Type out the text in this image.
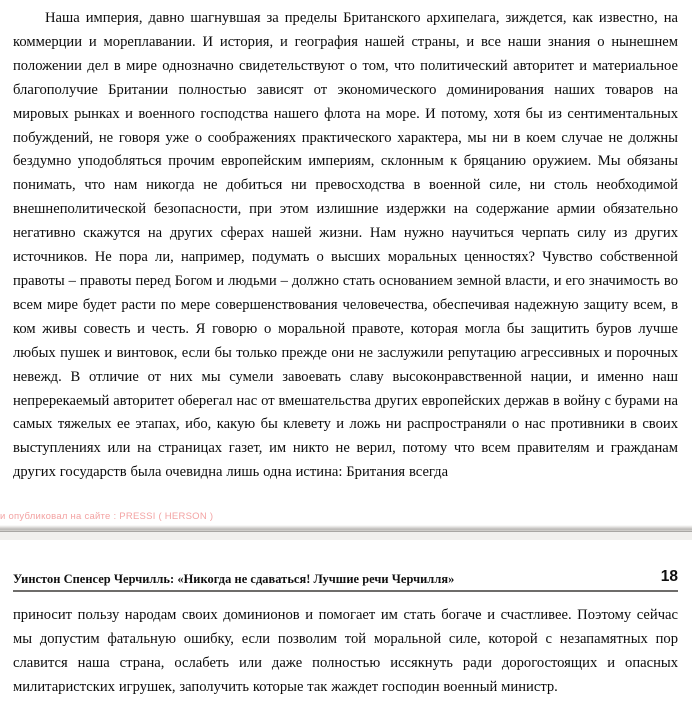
Наша империя, давно шагнувшая за пределы Британского архипелага, зиждется, как известно, на коммерции и мореплавании. И история, и география нашей страны, и все наши знания о нынешнем положении дел в мире однозначно свидетельствуют о том, что политический авторитет и материальное благополучие Британии полностью зависят от экономического доминирования наших товаров на мировых рынках и военного господства нашего флота на море. И потому, хотя бы из сентиментальных побуждений, не говоря уже о соображениях практического характера, мы ни в коем случае не должны бездумно уподобляться прочим европейским империям, склонным к бряцанию оружием. Мы обязаны понимать, что нам никогда не добиться ни превосходства в военной силе, ни столь необходимой внешнеполитической безопасности, при этом излишние издержки на содержание армии обязательно негативно скажутся на других сферах нашей жизни. Нам нужно научиться черпать силу из других источников. Не пора ли, например, подумать о высших моральных ценностях? Чувство собственной правоты – правоты перед Богом и людьми – должно стать основанием земной власти, и его значимость во всем мире будет расти по мере совершенствования человечества, обеспечивая надежную защиту всем, в ком живы совесть и честь. Я говорю о моральной правоте, которая могла бы защитить буров лучше любых пушек и винтовок, если бы только прежде они не заслужили репутацию агрессивных и порочных невежд. В отличие от них мы сумели завоевать славу высоконравственной нации, и именно наш непререкаемый авторитет оберегал нас от вмешательства других европейских держав в войну с бурами на самых тяжелых ее этапах, ибо, какую бы клевету и ложь ни распространяли о нас противники в своих выступлениях или на страницах газет, им никто не верил, потому что всем правителям и гражданам других государств была очевидна лишь одна истина: Британия всегда

и опубликовал на сайте : PRESSI ( HERSON )
Уинстон Спенсер Черчилль: «Никогда не сдаваться! Лучшие речи Черчилля»	18

приносит пользу народам своих доминионов и помогает им стать богаче и счастливее. Поэтому сейчас мы допустим фатальную ошибку, если позволим той моральной силе, которой с незапамятных пор славится наша страна, ослабеть или даже полностью иссякнуть ради дорогостоящих и опасных милитаристских игрушек, заполучить которые так жаждет господин военный министр.
